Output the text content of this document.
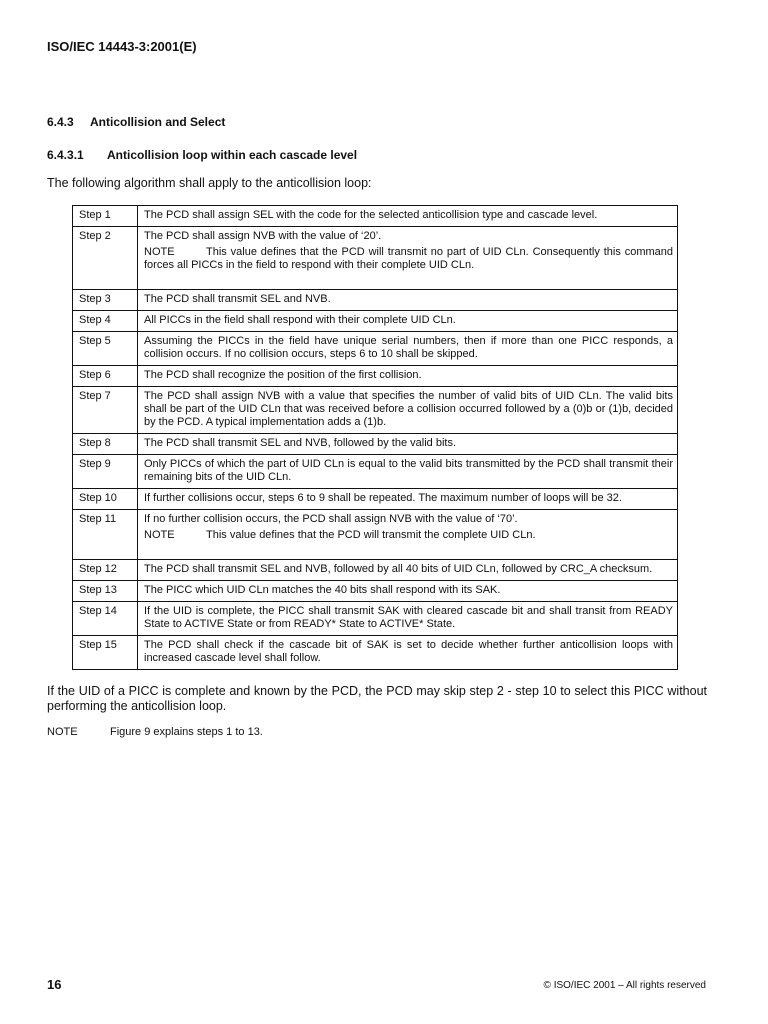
ISO/IEC 14443-3:2001(E)
6.4.3 Anticollision and Select
6.4.3.1 Anticollision loop within each cascade level
The following algorithm shall apply to the anticollision loop:
Step 1	The PCD shall assign SEL with the code for the selected anticollision type and cascade level.
Step 2	The PCD shall assign NVB with the value of ‘20’.
NOTE This value defines that the PCD will transmit no part of UID CLn. Consequently this command forces all PICCs in the field to respond with their complete UID CLn.

Step 3	The PCD shall transmit SEL and NVB.
Step 4	All PICCs in the field shall respond with their complete UID CLn.
Step 5	Assuming the PICCs in the field have unique serial numbers, then if more than one PICC responds, a collision occurs. If no collision occurs, steps 6 to 10 shall be skipped.
Step 6	The PCD shall recognize the position of the first collision.
Step 7	The PCD shall assign NVB with a value that specifies the number of valid bits of UID CLn. The valid bits shall be part of the UID CLn that was received before a collision occurred followed by a (0)b or (1)b, decided by the PCD. A typical implementation adds a (1)b.
Step 8	The PCD shall transmit SEL and NVB, followed by the valid bits.
Step 9	Only PICCs of which the part of UID CLn is equal to the valid bits transmitted by the PCD shall transmit their remaining bits of the UID CLn.
Step 10	If further collisions occur, steps 6 to 9 shall be repeated. The maximum number of loops will be 32.
Step 11	If no further collision occurs, the PCD shall assign NVB with the value of ‘70’.
NOTE This value defines that the PCD will transmit the complete UID CLn.

Step 12	The PCD shall transmit SEL and NVB, followed by all 40 bits of UID CLn, followed by CRC_A checksum.
Step 13	The PICC which UID CLn matches the 40 bits shall respond with its SAK.
Step 14	If the UID is complete, the PICC shall transmit SAK with cleared cascade bit and shall transit from READY State to ACTIVE State or from READY* State to ACTIVE* State.
Step 15	The PCD shall check if the cascade bit of SAK is set to decide whether further anticollision loops with increased cascade level shall follow.
If the UID of a PICC is complete and known by the PCD, the PCD may skip step 2 - step 10 to select this PICC without performing the anticollision loop.
NOTE	Figure 9 explains steps 1 to 13.
16	© ISO/IEC 2001 – All rights reserved
